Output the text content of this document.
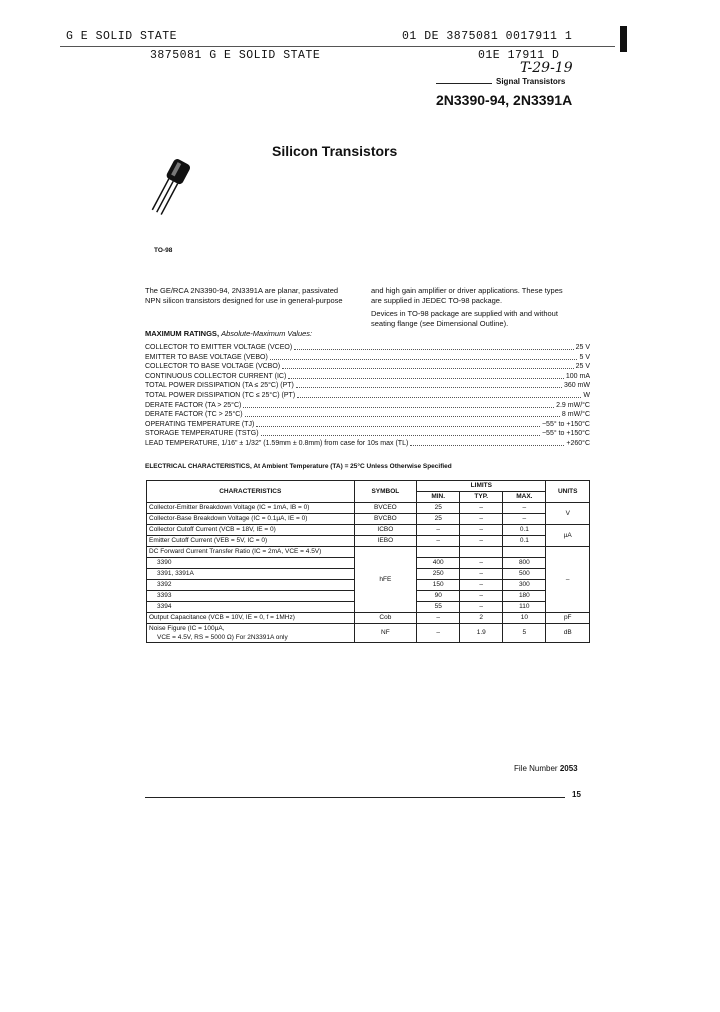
G E SOLID STATE	01 DE 3875081 0017911 1
3875081 G E SOLID STATE	01E 17911 D
T-29-19
Signal Transistors
2N3390-94, 2N3391A
Silicon Transistors
TO-98
The GE/RCA 2N3390-94, 2N3391A are planar, passivated
NPN silicon transistors designed for use in general-purpose
and high gain amplifier or driver applications. These types
are supplied in JEDEC TO-98 package.
Devices in TO-98 package are supplied with and without
seating flange (see Dimensional Outline).
MAXIMUM RATINGS, Absolute-Maximum Values:
COLLECTOR TO EMITTER VOLTAGE (VCEO)	25 V
EMITTER TO BASE VOLTAGE (VEBO)	5 V
COLLECTOR TO BASE VOLTAGE (VCBO)	25 V
CONTINUOUS COLLECTOR CURRENT (IC)	100 mA
TOTAL POWER DISSIPATION (TA ≤ 25°C) (PT)	360 mW
TOTAL POWER DISSIPATION (TC ≤ 25°C) (PT)	W
DERATE FACTOR (TA > 25°C)	2.9 mW/°C
DERATE FACTOR (TC > 25°C)	8 mW/°C
OPERATING TEMPERATURE (TJ)	−55° to +150°C
STORAGE TEMPERATURE (TSTG)	−55° to +150°C
LEAD TEMPERATURE, 1/16" ± 1/32" (1.59mm ± 0.8mm) from case for 10s max (TL)	+260°C
ELECTRICAL CHARACTERISTICS, At Ambient Temperature (TA) = 25°C Unless Otherwise Specified
CHARACTERISTICS	SYMBOL	LIMITS			UNITS
		MIN.	TYP.	MAX.	
Collector-Emitter Breakdown Voltage (IC = 1mA, IB = 0)	BVCEO	25	–	–	V
Collector-Base Breakdown Voltage (IC = 0.1µA, IE = 0)	BVCBO	25	–	–	
Collector Cutoff Current (VCB = 18V, IE = 0)	ICBO	–	–	0.1	µA
Emitter Cutoff Current (VEB = 5V, IC = 0)	IEBO	–	–	0.1	
DC Forward Current Transfer Ratio (IC = 2mA, VCE = 4.5V)	hFE				–
3390		400	–	800	
3391, 3391A		250	–	500	
3392		150	–	300	
3393		90	–	180	
3394		55	–	110	
Output Capacitance (VCB = 10V, IE = 0, f = 1MHz)	Cob	–	2	10	pF

Noise Figure (IC = 100µA,
VCE = 4.5V, RS = 5000 Ω) For 2N3391A only	NF	–	1.9	5	dB
File Number 2053
15
